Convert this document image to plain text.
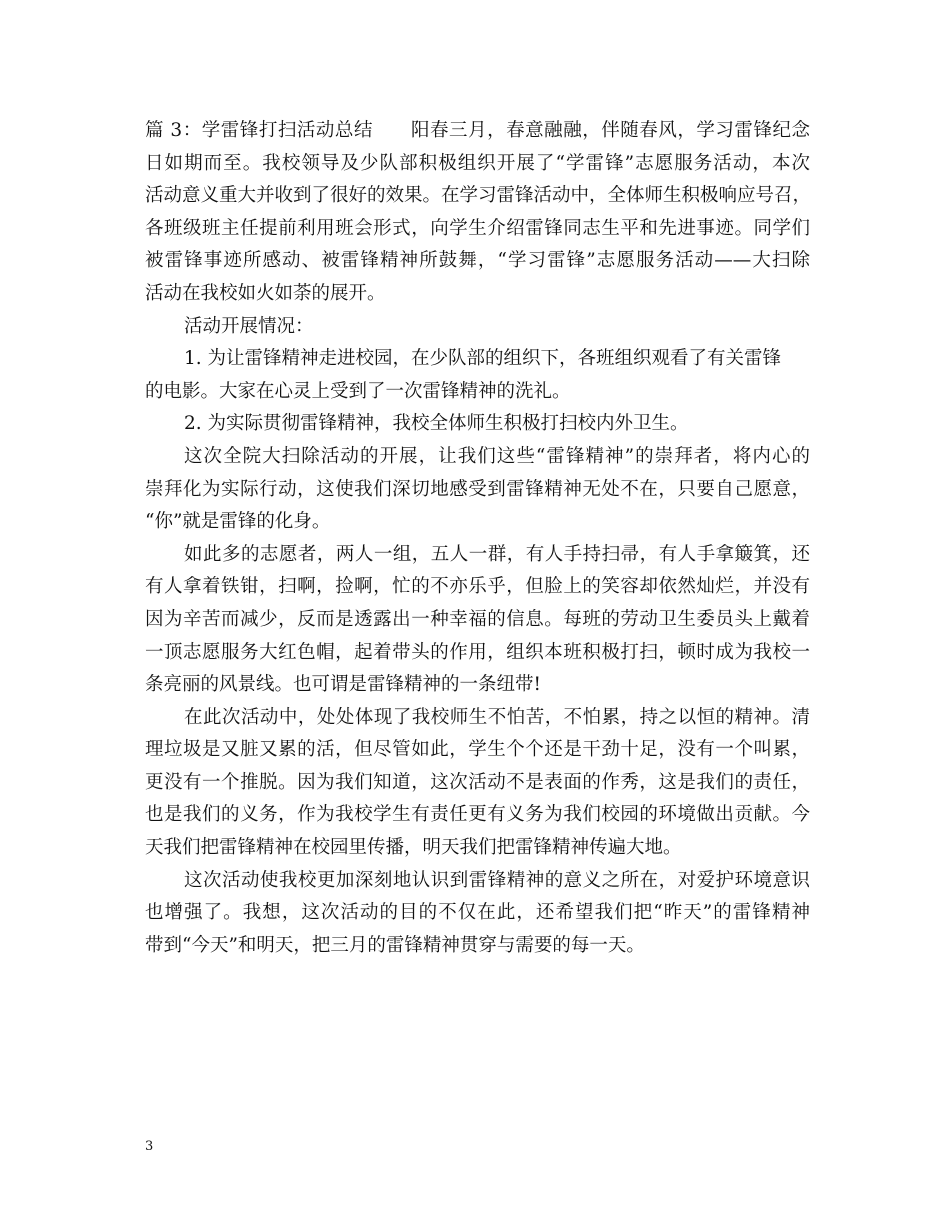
篇 3：学雷锋打扫活动总结　　阳春三月，春意融融，伴随春风，学习雷锋纪念
日如期而至。我校领导及少队部积极组织开展了“学雷锋”志愿服务活动，本次
活动意义重大并收到了很好的效果。在学习雷锋活动中，全体师生积极响应号召，
各班级班主任提前利用班会形式，向学生介绍雷锋同志生平和先进事迹。同学们
被雷锋事迹所感动、被雷锋精神所鼓舞，“学习雷锋”志愿服务活动——大扫除
活动在我校如火如荼的展开。
活动开展情况：
1. 为让雷锋精神走进校园，在少队部的组织下，各班组织观看了有关雷锋
的电影。大家在心灵上受到了一次雷锋精神的洗礼。
2. 为实际贯彻雷锋精神，我校全体师生积极打扫校内外卫生。
这次全院大扫除活动的开展，让我们这些“雷锋精神”的崇拜者，将内心的
崇拜化为实际行动，这使我们深切地感受到雷锋精神无处不在，只要自己愿意，
“你”就是雷锋的化身。
如此多的志愿者，两人一组，五人一群，有人手持扫帚，有人手拿簸箕，还
有人拿着铁钳，扫啊，捡啊，忙的不亦乐乎，但脸上的笑容却依然灿烂，并没有
因为辛苦而减少，反而是透露出一种幸福的信息。每班的劳动卫生委员头上戴着
一顶志愿服务大红色帽，起着带头的作用，组织本班积极打扫，顿时成为我校一
条亮丽的风景线。也可谓是雷锋精神的一条纽带!
在此次活动中，处处体现了我校师生不怕苦，不怕累，持之以恒的精神。清
理垃圾是又脏又累的活，但尽管如此，学生个个还是干劲十足，没有一个叫累，
更没有一个推脱。因为我们知道，这次活动不是表面的作秀，这是我们的责任，
也是我们的义务，作为我校学生有责任更有义务为我们校园的环境做出贡献。今
天我们把雷锋精神在校园里传播，明天我们把雷锋精神传遍大地。
这次活动使我校更加深刻地认识到雷锋精神的意义之所在，对爱护环境意识
也增强了。我想，这次活动的目的不仅在此，还希望我们把“昨天”的雷锋精神
带到“今天”和明天，把三月的雷锋精神贯穿与需要的每一天。
3
